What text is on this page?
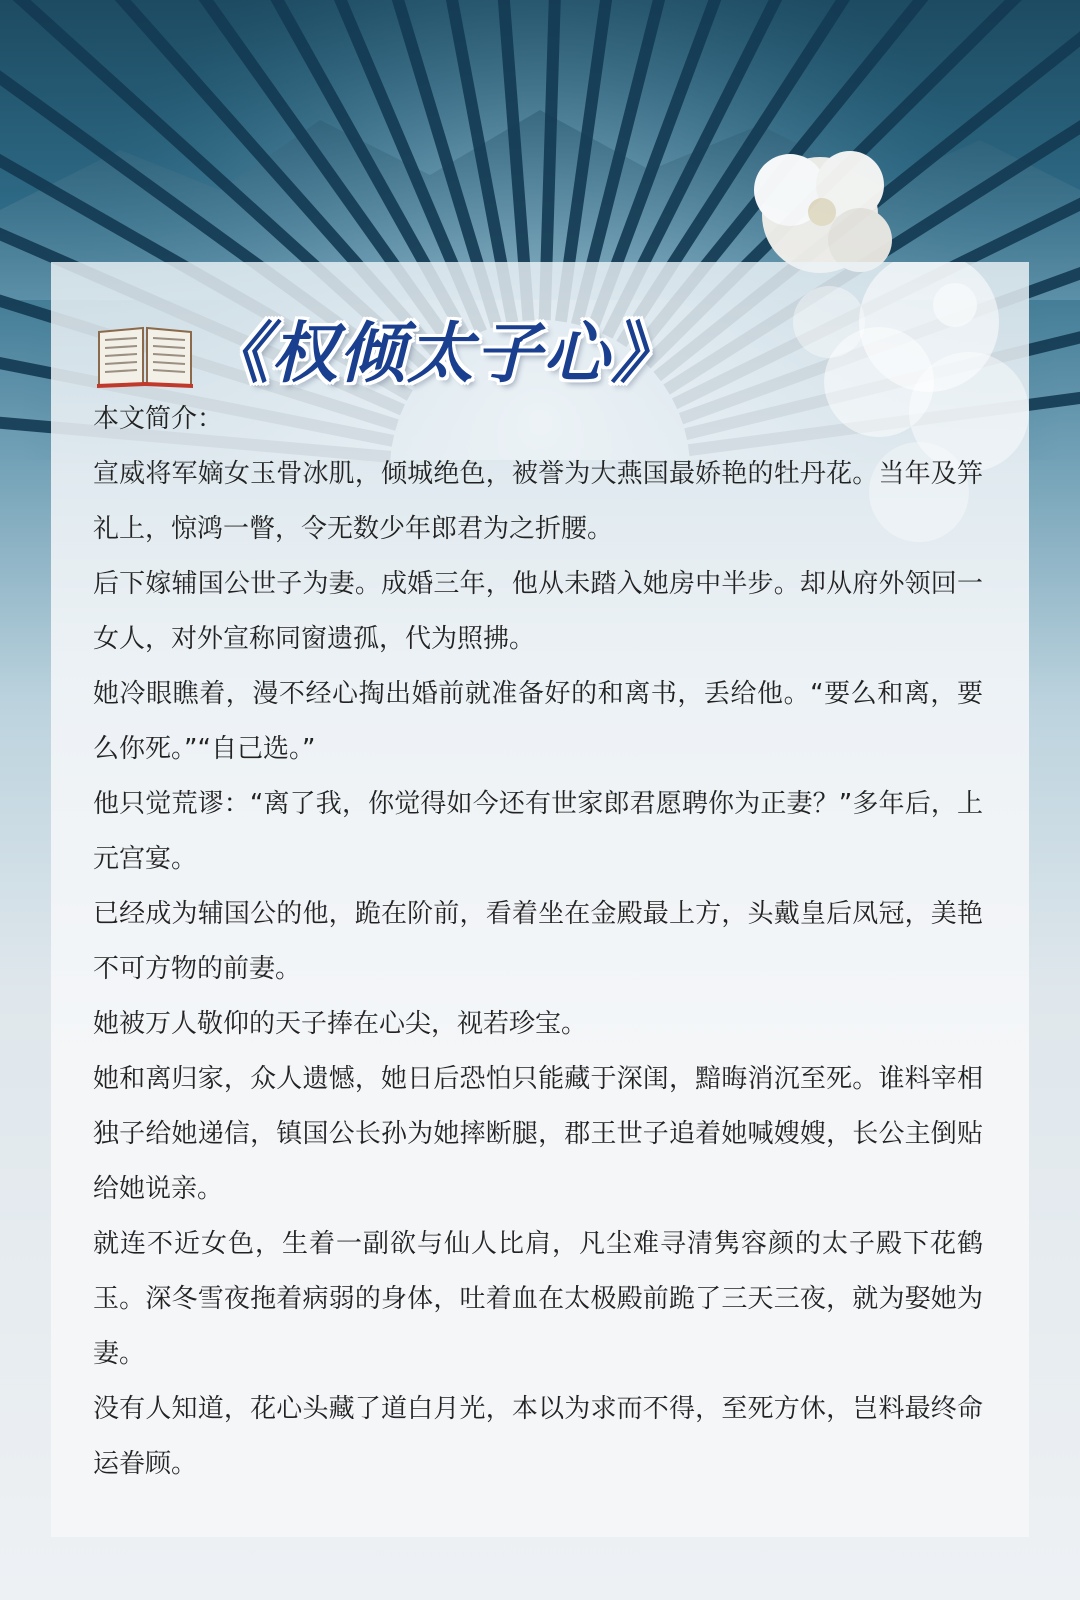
《权倾太子心》

本文简介：

宣威将军嫡女玉骨冰肌，倾城绝色，被誉为大燕国最娇艳的牡丹花。当年及笄礼上，惊鸿一瞥，令无数少年郎君为之折腰。

后下嫁辅国公世子为妻。成婚三年，他从未踏入她房中半步。却从府外领回一女人，对外宣称同窗遗孤，代为照拂。

她冷眼瞧着，漫不经心掏出婚前就准备好的和离书，丢给他。“要么和离，要么你死。”“自己选。”

他只觉荒谬：“离了我，你觉得如今还有世家郎君愿聘你为正妻？”多年后，上元宫宴。

已经成为辅国公的他，跪在阶前，看着坐在金殿最上方，头戴皇后凤冠，美艳不可方物的前妻。

她被万人敬仰的天子捧在心尖，视若珍宝。

她和离归家，众人遗憾，她日后恐怕只能藏于深闺，黯晦消沉至死。谁料宰相独子给她递信，镇国公长孙为她摔断腿，郡王世子追着她喊嫂嫂，长公主倒贴给她说亲。

就连不近女色，生着一副欲与仙人比肩，凡尘难寻清隽容颜的太子殿下花鹤玉。深冬雪夜拖着病弱的身体，吐着血在太极殿前跪了三天三夜，就为娶她为妻。

没有人知道，花心头藏了道白月光，本以为求而不得，至死方休，岂料最终命运眷顾。
